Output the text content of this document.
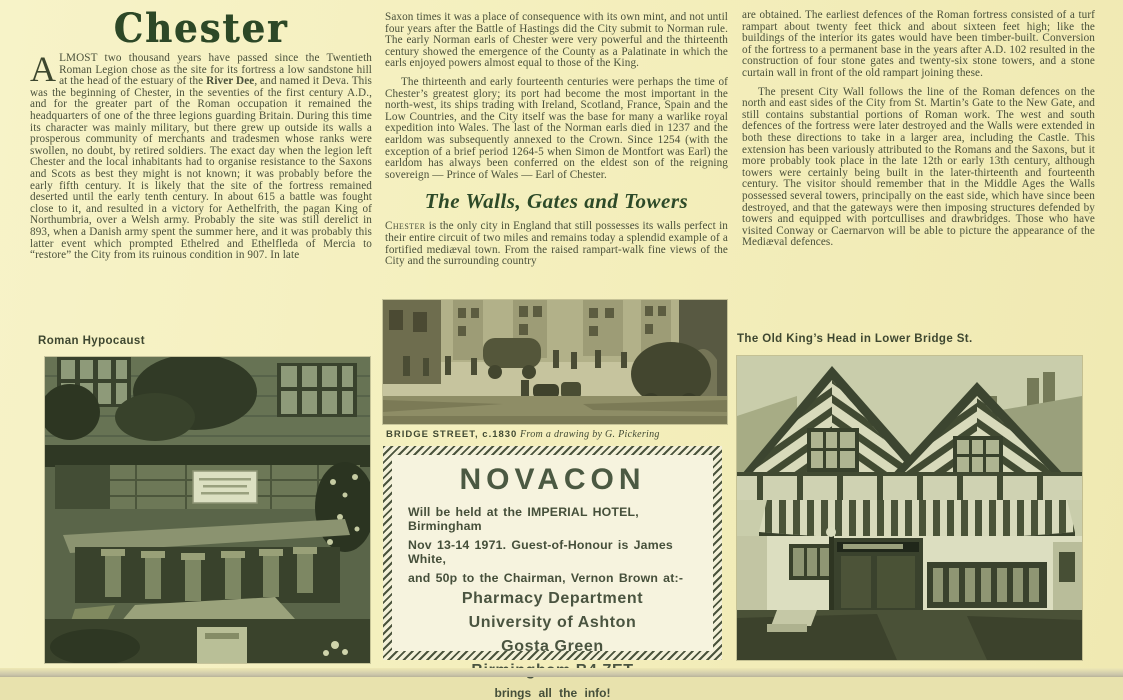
Chester

ALMOST two thousand years have passed since the Twentieth Roman Legion chose as the site for its fortress a low sandstone hill at the head of the estuary of the River Dee, and named it Deva. This was the beginning of Chester, in the seventies of the first century A.D., and for the greater part of the Roman occupation it remained the headquarters of one of the three legions guarding Britain. During this time its character was mainly military, but there grew up outside its walls a prosperous community of merchants and tradesmen whose ranks were swollen, no doubt, by retired soldiers. The exact day when the legion left Chester and the local inhabitants had to organise resistance to the Saxons and Scots as best they might is not known; it was probably before the early fifth century. It is likely that the site of the fortress remained deserted until the early tenth century. In about 615 a battle was fought close to it, and resulted in a victory for Aethelfrith, the pagan King of Northumbria, over a Welsh army. Probably the site was still derelict in 893, when a Danish army spent the summer here, and it was probably this latter event which prompted Ethelred and Ethelfleda of Mercia to “restore” the City from its ruinous condition in 907. In late

Roman Hypocaust

Saxon times it was a place of consequence with its own mint, and not until four years after the Battle of Hastings did the City submit to Norman rule. The early Norman earls of Chester were very powerful and the thirteenth century showed the emergence of the County as a Palatinate in which the earls enjoyed powers almost equal to those of the King.

The thirteenth and early fourteenth centuries were perhaps the time of Chester’s greatest glory; its port had become the most important in the north-west, its ships trading with Ireland, Scotland, France, Spain and the Low Countries, and the City itself was the base for many a warlike royal expedition into Wales. The last of the Norman earls died in 1237 and the earldom was subsequently annexed to the Crown. Since 1254 (with the exception of a brief period 1264-5 when Simon de Montfort was Earl) the earldom has always been conferred on the eldest son of the reigning sovereign — Prince of Wales — Earl of Chester.

The Walls, Gates and Towers

Chester is the only city in England that still possesses its walls perfect in their entire circuit of two miles and remains today a splendid example of a fortified mediæval town. From the raised rampart-walk fine views of the City and the surrounding country

BRIDGE STREET, c.1830 From a drawing by G. Pickering
NOVACON
Will be held at the IMPERIAL HOTEL, Birmingham
Nov 13-14 1971. Guest-of-Honour is James White,
and 50p to the Chairman, Vernon Brown at:-
Pharmacy Department
University of Ashton
Gosta Green
brings all the info!

are obtained. The earliest defences of the Roman fortress consisted of a turf rampart about twenty feet thick and about sixteen feet high; like the buildings of the interior its gates would have been timber-built. Conversion of the fortress to a permanent base in the years after A.D. 102 resulted in the construction of four stone gates and twenty-six stone towers, and a stone curtain wall in front of the old rampart joining these.

The present City Wall follows the line of the Roman defences on the north and east sides of the City from St. Martin’s Gate to the New Gate, and still contains substantial portions of Roman work. The west and south defences of the fortress were later destroyed and the Walls were extended in both these directions to take in a larger area, including the Castle. This extension has been variously attributed to the Romans and the Saxons, but it more probably took place in the late 12th or early 13th century, although towers were certainly being built in the later-thirteenth and fourteenth century. The visitor should remember that in the Middle Ages the Walls possessed several towers, principally on the east side, which have since been destroyed, and that the gateways were then imposing structures defended by towers and equipped with portcullises and drawbridges. Those who have visited Conway or Caernarvon will be able to picture the appearance of the Mediæval defences.

The Old King’s Head in Lower Bridge St.
